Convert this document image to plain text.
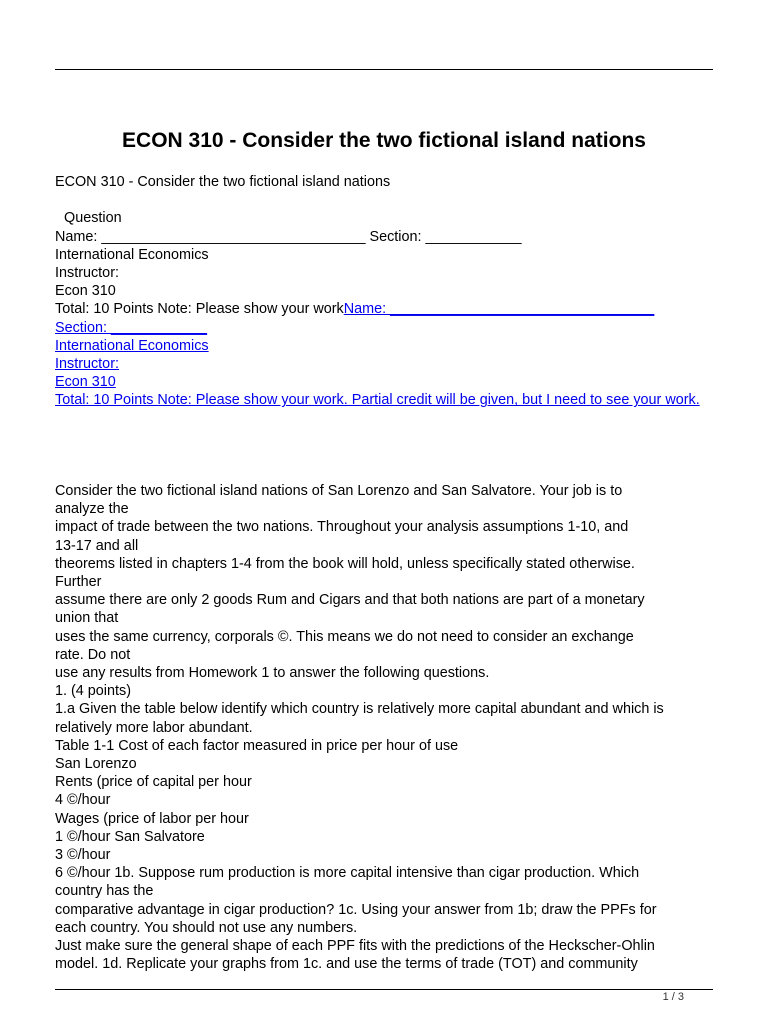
ECON 310 - Consider the two fictional island nations
ECON 310 - Consider the two fictional island nations
Question
Name: _________________________________ Section: ____________
International Economics
Instructor:
Econ 310
Total: 10 Points Note: Please show your workName: _________________________________
Section: ____________
International Economics
Instructor:
Econ 310
Total: 10 Points Note: Please show your work. Partial credit will be given, but I need to see your work.
Consider the two fictional island nations of San Lorenzo and San Salvatore. Your job is to
analyze the
impact of trade between the two nations. Throughout your analysis assumptions 1-10, and
13-17 and all
theorems listed in chapters 1-4 from the book will hold, unless specifically stated otherwise.
Further
assume there are only 2 goods Rum and Cigars and that both nations are part of a monetary
union that
uses the same currency, corporals ©. This means we do not need to consider an exchange
rate. Do not
use any results from Homework 1 to answer the following questions.
1. (4 points)
1.a Given the table below identify which country is relatively more capital abundant and which is
relatively more labor abundant.
Table 1-1 Cost of each factor measured in price per hour of use
San Lorenzo
Rents (price of capital per hour
4 ©/hour
Wages (price of labor per hour
1 ©/hour San Salvatore
3 ©/hour
6 ©/hour 1b. Suppose rum production is more capital intensive than cigar production. Which
country has the
comparative advantage in cigar production? 1c. Using your answer from 1b; draw the PPFs for
each country. You should not use any numbers.
Just make sure the general shape of each PPF fits with the predictions of the Heckscher-Ohlin
model. 1d. Replicate your graphs from 1c. and use the terms of trade (TOT) and community
1 / 3
